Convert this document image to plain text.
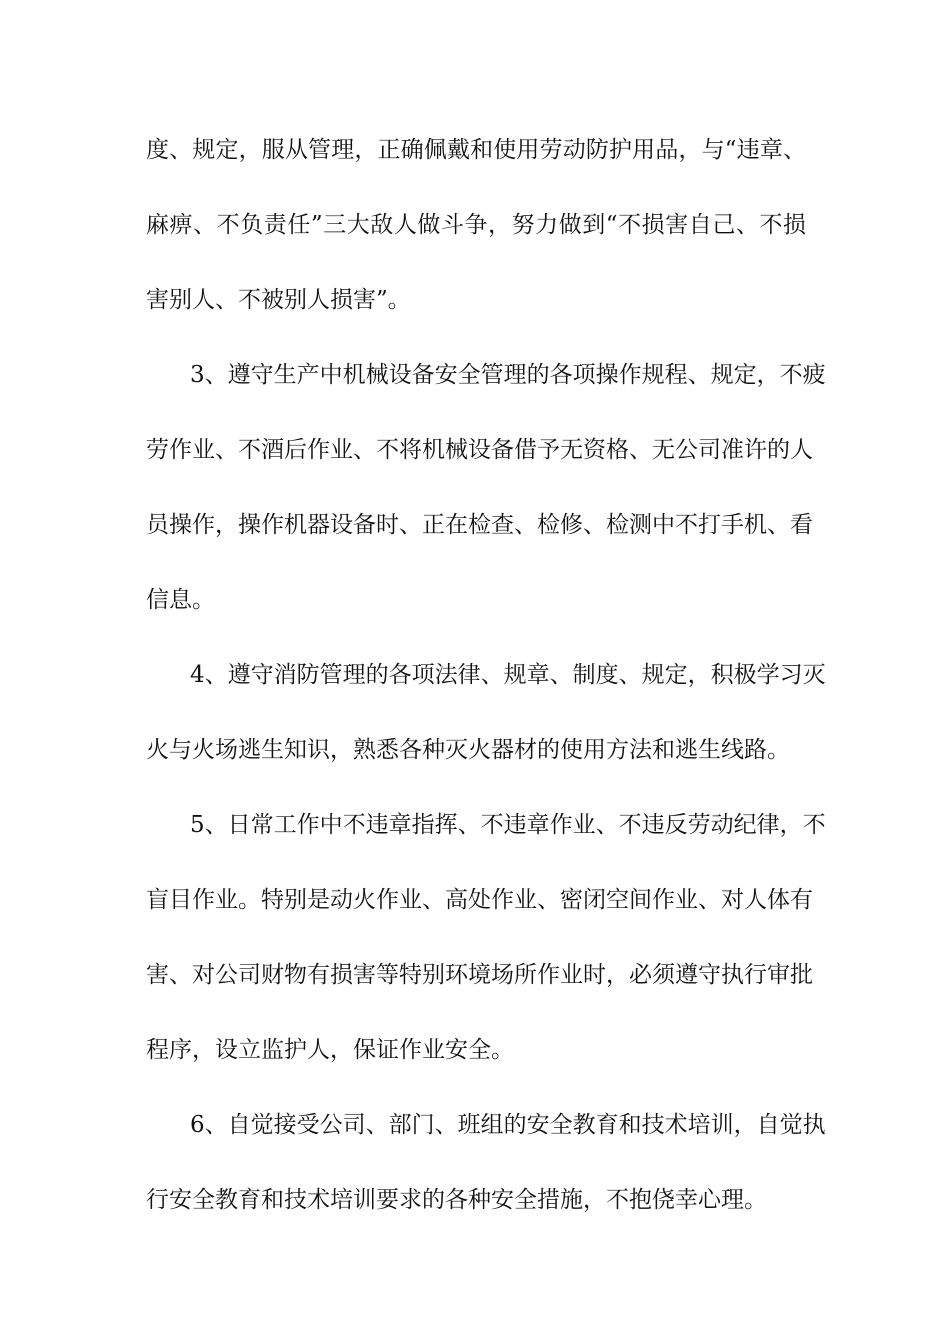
度、规定，服从管理，正确佩戴和使用劳动防护用品，与“违章、
麻痹、不负责任”三大敌人做斗争，努力做到“不损害自己、不损
害别人、不被别人损害”。
3、遵守生产中机械设备安全管理的各项操作规程、规定，不疲
劳作业、不酒后作业、不将机械设备借予无资格、无公司准许的人
员操作，操作机器设备时、正在检查、检修、检测中不打手机、看
信息。
4、遵守消防管理的各项法律、规章、制度、规定，积极学习灭
火与火场逃生知识，熟悉各种灭火器材的使用方法和逃生线路。
5、日常工作中不违章指挥、不违章作业、不违反劳动纪律，不
盲目作业。特别是动火作业、高处作业、密闭空间作业、对人体有
害、对公司财物有损害等特别环境场所作业时，必须遵守执行审批
程序，设立监护人，保证作业安全。
6、自觉接受公司、部门、班组的安全教育和技术培训，自觉执
行安全教育和技术培训要求的各种安全措施，不抱侥幸心理。
